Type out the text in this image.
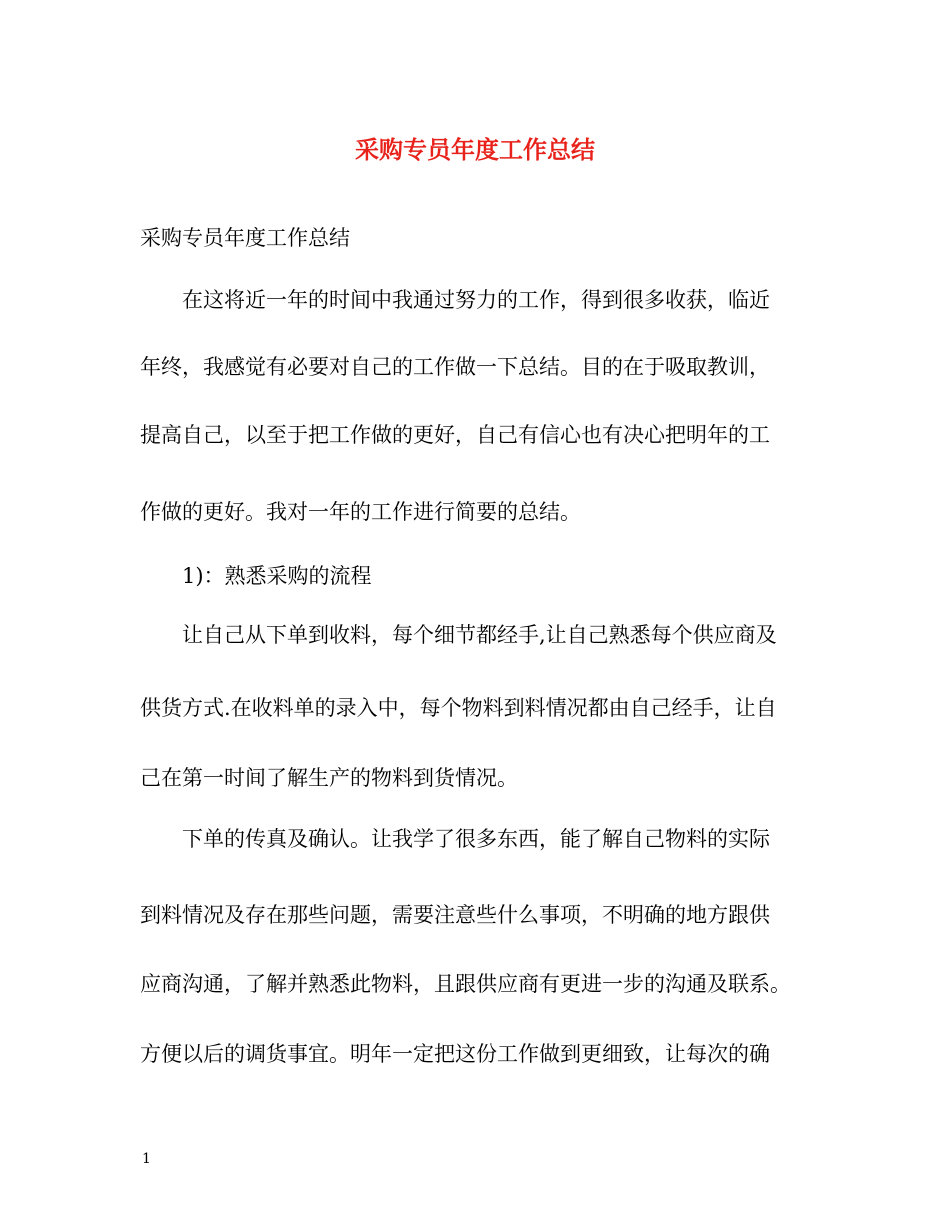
采购专员年度工作总结
采购专员年度工作总结
在这将近一年的时间中我通过努力的工作，得到很多收获，临近
年终，我感觉有必要对自己的工作做一下总结。目的在于吸取教训，
提高自己，以至于把工作做的更好，自己有信心也有决心把明年的工
作做的更好。我对一年的工作进行简要的总结。
1)：熟悉采购的流程
让自己从下单到收料，每个细节都经手,让自己熟悉每个供应商及
供货方式.在收料单的录入中，每个物料到料情况都由自己经手，让自
己在第一时间了解生产的物料到货情况。
下单的传真及确认。让我学了很多东西，能了解自己物料的实际
到料情况及存在那些问题，需要注意些什么事项，不明确的地方跟供
应商沟通，了解并熟悉此物料，且跟供应商有更进一步的沟通及联系。
方便以后的调货事宜。明年一定把这份工作做到更细致，让每次的确
1
